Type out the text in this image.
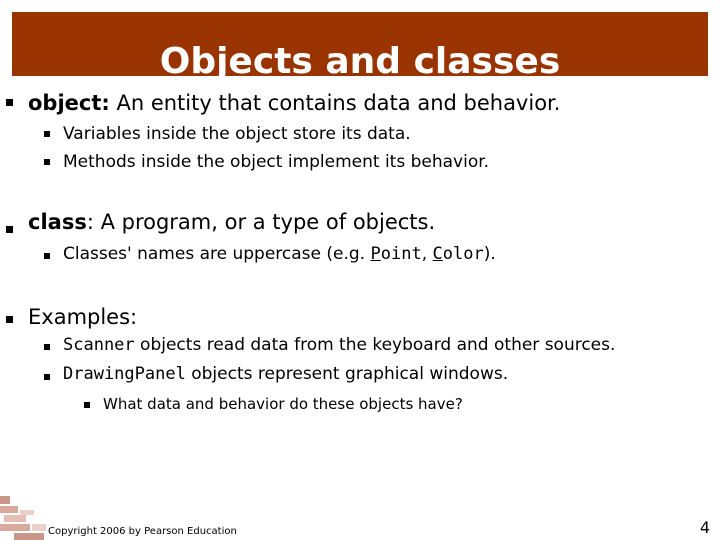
Objects and classes
object: An entity that contains data and behavior.
Variables inside the object store its data.
Methods inside the object implement its behavior.
class: A program, or a type of objects.
Classes' names are uppercase (e.g. Point, Color).
Examples:
Scanner objects read data from the keyboard and other sources.
DrawingPanel objects represent graphical windows.
What data and behavior do these objects have?
Copyright 2006 by Pearson Education	4
